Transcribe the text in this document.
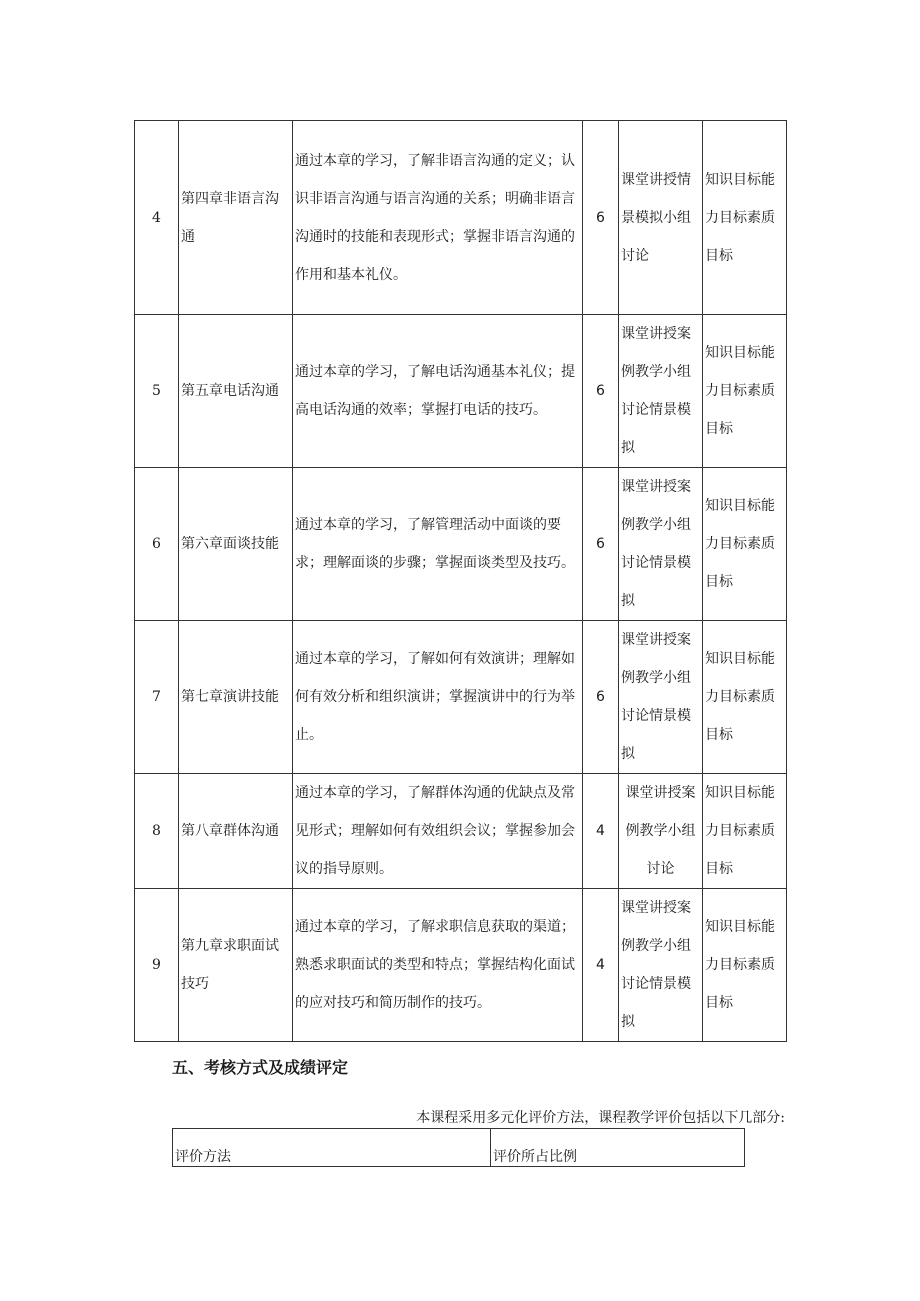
4	第四章非语言沟通	通过本章的学习，了解非语言沟通的定义；认识非语言沟通与语言沟通的关系；明确非语言沟通时的技能和表现形式；掌握非语言沟通的作用和基本礼仪。	6	课堂讲授情景模拟小组讨论	知识目标能力目标素质目标
5	第五章电话沟通	通过本章的学习，了解电话沟通基本礼仪；提高电话沟通的效率；掌握打电话的技巧。	6	课堂讲授案例教学小组讨论情景模拟	知识目标能力目标素质目标
6	第六章面谈技能	通过本章的学习，了解管理活动中面谈的要求；理解面谈的步骤；掌握面谈类型及技巧。	6	课堂讲授案例教学小组讨论情景模拟	知识目标能力目标素质目标
7	第七章演讲技能	通过本章的学习，了解如何有效演讲；理解如何有效分析和组织演讲；掌握演讲中的行为举止。	6	课堂讲授案例教学小组讨论情景模拟	知识目标能力目标素质目标
8	第八章群体沟通	通过本章的学习，了解群体沟通的优缺点及常见形式；理解如何有效组织会议；掌握参加会议的指导原则。	4	课堂讲授案例教学小组讨论	知识目标能力目标素质目标
9	第九章求职面试技巧	通过本章的学习，了解求职信息获取的渠道；熟悉求职面试的类型和特点；掌握结构化面试的应对技巧和简历制作的技巧。	4	课堂讲授案例教学小组讨论情景模拟	知识目标能力目标素质目标
五、考核方式及成绩评定

本课程采用多元化评价方法，课程教学评价包括以下几部分:

评价方法	评价所占比例
